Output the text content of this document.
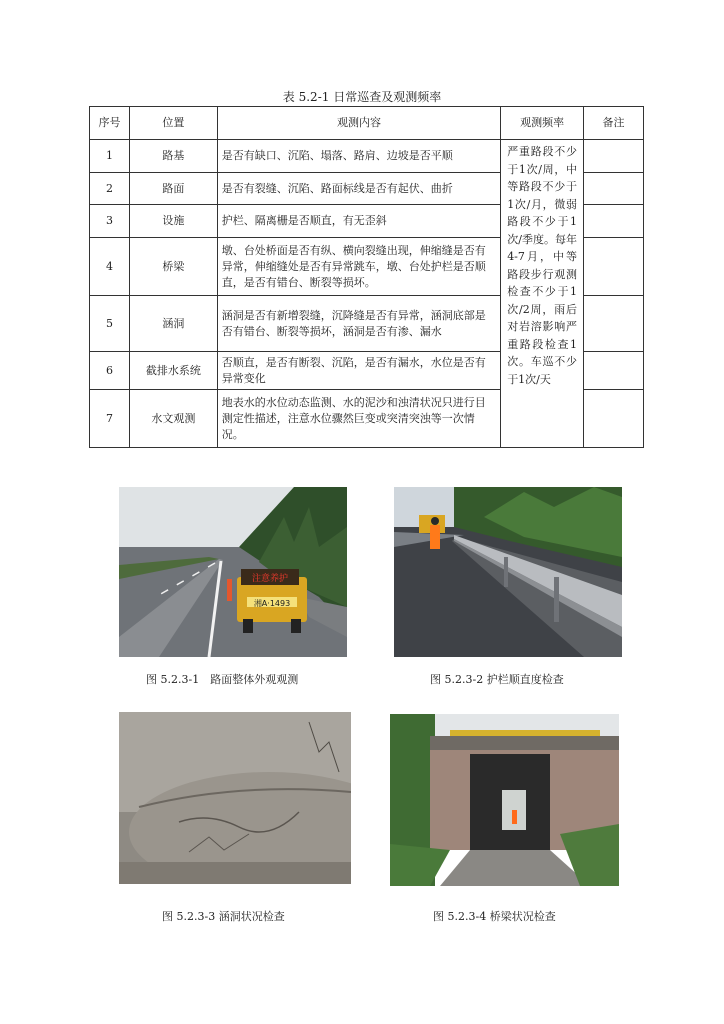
表 5.2-1 日常巡查及观测频率
序号	位置	观测内容	观测频率	备注
1	路基	是否有缺口、沉陷、塌落、路肩、边坡是否平顺	严重路段不少于1次/周，中等路段不少于1次/月，微弱路段不少于1次/季度。每年4-7月，中等路段步行观测检查不少于1次/2周，雨后对岩溶影响严重路段检查1次。车巡不少于1次/天	
2	路面	是否有裂缝、沉陷、路面标线是否有起伏、曲折		
3	设施	护栏、隔离栅是否顺直，有无歪斜		
4	桥梁	墩、台处桥面是否有纵、横向裂缝出现，伸缩缝是否有异常，伸缩缝处是否有异常跳车，墩、台处护栏是否顺直，是否有错台、断裂等损坏。		
5	涵洞	涵洞是否有新增裂缝，沉降缝是否有异常，涵洞底部是否有错台、断裂等损坏，涵洞是否有渗、漏水		
6	截排水系统	否顺直，是否有断裂、沉陷，是否有漏水，水位是否有异常变化		
7	水文观测	地表水的水位动态监测、水的泥沙和浊清状况只进行目测定性描述，注意水位骤然巨变或突清突浊等一次情况。		
注意养护
湘A·1493
图 5.2.3-1　路面整体外观观测	图 5.2.3-2 护栏顺直度检查
图 5.2.3-3 涵洞状况检查	图 5.2.3-4 桥梁状况检查
